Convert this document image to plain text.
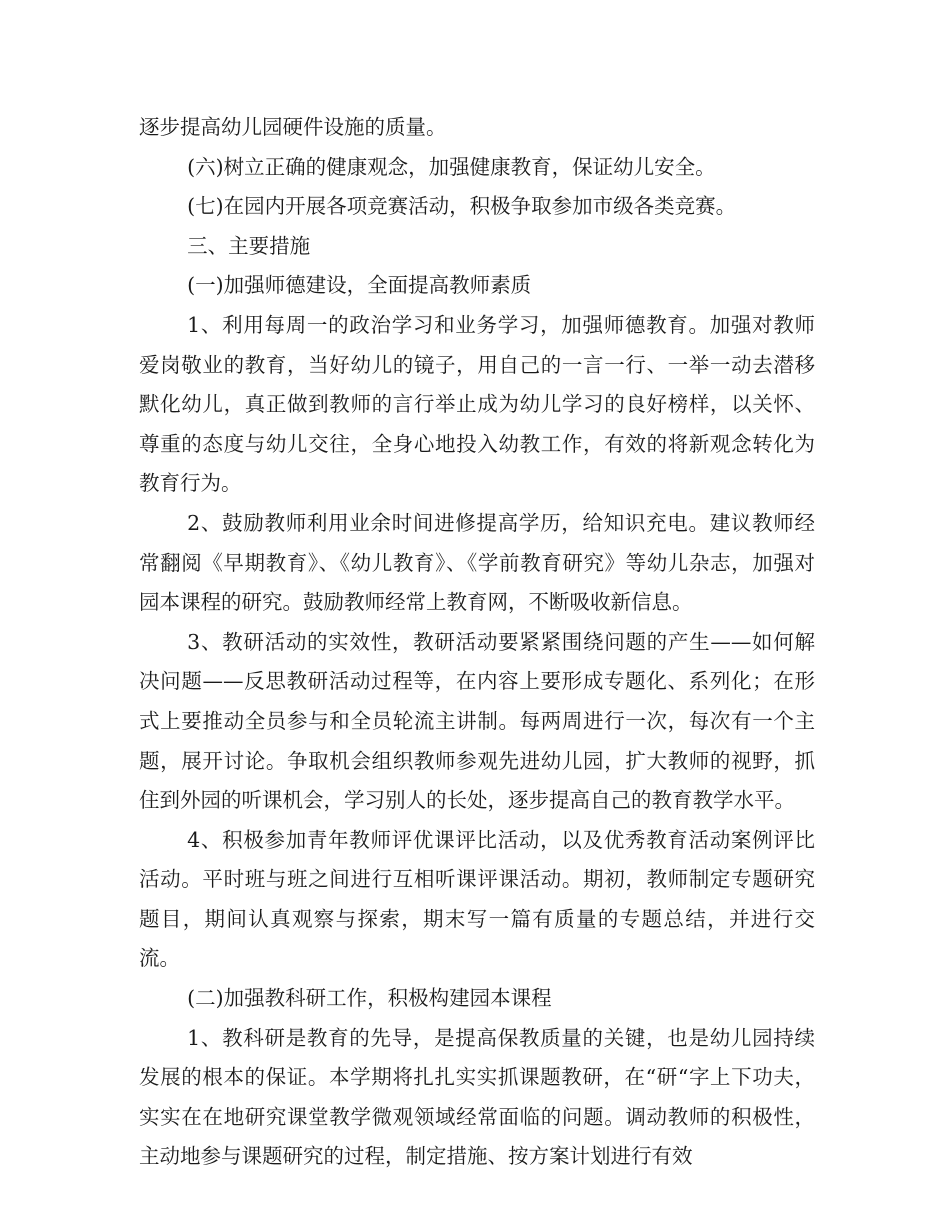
逐步提高幼儿园硬件设施的质量。

(六)树立正确的健康观念，加强健康教育，保证幼儿安全。

(七)在园内开展各项竞赛活动，积极争取参加市级各类竞赛。

三、主要措施

(一)加强师德建设，全面提高教师素质

1、利用每周一的政治学习和业务学习，加强师德教育。加强对教师爱岗敬业的教育，当好幼儿的镜子，用自己的一言一行、一举一动去潜移默化幼儿，真正做到教师的言行举止成为幼儿学习的良好榜样，以关怀、尊重的态度与幼儿交往，全身心地投入幼教工作，有效的将新观念转化为教育行为。

2、鼓励教师利用业余时间进修提高学历，给知识充电。建议教师经常翻阅《早期教育》、《幼儿教育》、《学前教育研究》等幼儿杂志，加强对园本课程的研究。鼓励教师经常上教育网，不断吸收新信息。

3、教研活动的实效性，教研活动要紧紧围绕问题的产生——如何解决问题——反思教研活动过程等，在内容上要形成专题化、系列化；在形式上要推动全员参与和全员轮流主讲制。每两周进行一次，每次有一个主题，展开讨论。争取机会组织教师参观先进幼儿园，扩大教师的视野，抓住到外园的听课机会，学习别人的长处，逐步提高自己的教育教学水平。

4、积极参加青年教师评优课评比活动，以及优秀教育活动案例评比活动。平时班与班之间进行互相听课评课活动。期初，教师制定专题研究题目，期间认真观察与探索，期末写一篇有质量的专题总结，并进行交流。

(二)加强教科研工作，积极构建园本课程

1、教科研是教育的先导，是提高保教质量的关键，也是幼儿园持续发展的根本的保证。本学期将扎扎实实抓课题教研，在“研“字上下功夫，实实在在地研究课堂教学微观领域经常面临的问题。调动教师的积极性，主动地参与课题研究的过程，制定措施、按方案计划进行有效
